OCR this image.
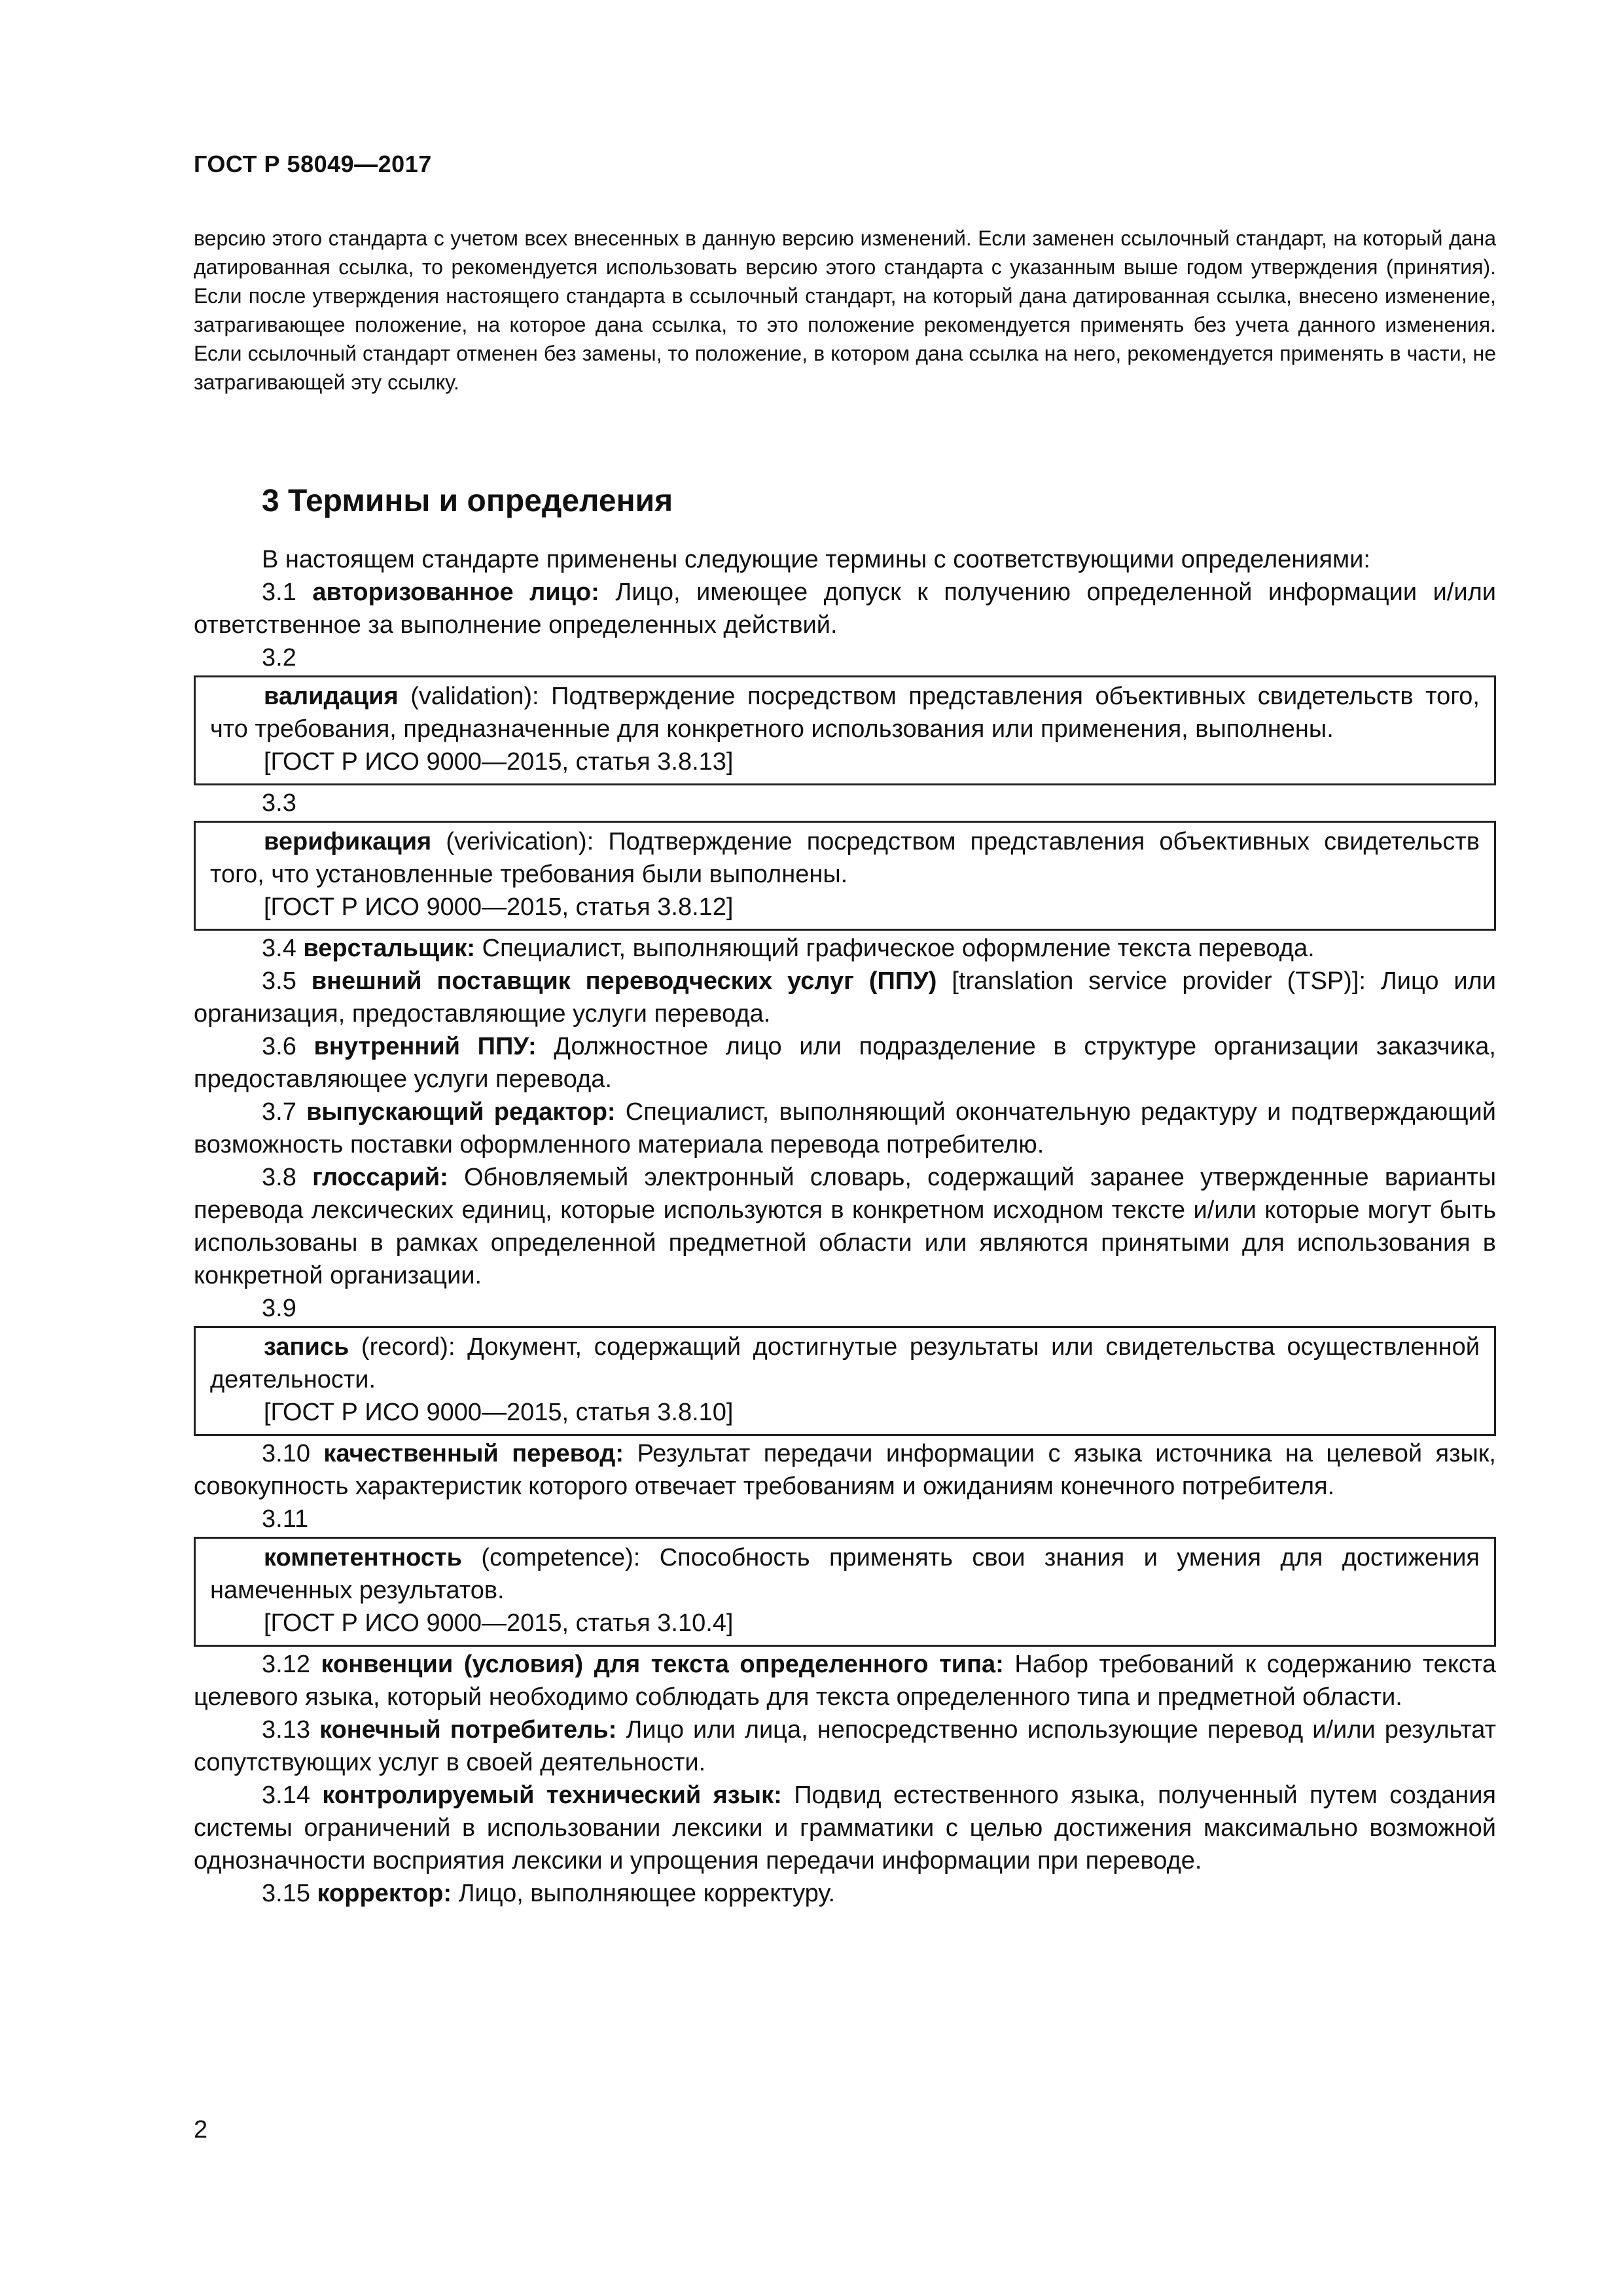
ГОСТ Р 58049—2017

версию этого стандарта с учетом всех внесенных в данную версию изменений. Если заменен ссылочный стандарт, на который дана датированная ссылка, то рекомендуется использовать версию этого стандарта с указанным выше годом утверждения (принятия). Если после утверждения настоящего стандарта в ссылочный стандарт, на который дана датированная ссылка, внесено изменение, затрагивающее положение, на которое дана ссылка, то это положение рекомендуется применять без учета данного изменения. Если ссылочный стандарт отменен без замены, то положение, в котором дана ссылка на него, рекомендуется применять в части, не затрагивающей эту ссылку.

3 Термины и определения

В настоящем стандарте применены следующие термины с соответствующими определениями:

3.1 авторизованное лицо: Лицо, имеющее допуск к получению определенной информации и/или ответственное за выполнение определенных действий.

3.2

валидация (validation): Подтверждение посредством представления объективных свидетельств того, что требования, предназначенные для конкретного использования или применения, выполнены.

[ГОСТ Р ИСО 9000—2015, статья 3.8.13]

3.3

верификация (verivication): Подтверждение посредством представления объективных свидетельств того, что установленные требования были выполнены.

[ГОСТ Р ИСО 9000—2015, статья 3.8.12]

3.4 верстальщик: Специалист, выполняющий графическое оформление текста перевода.

3.5 внешний поставщик переводческих услуг (ППУ) [translation service provider (TSP)]: Лицо или организация, предоставляющие услуги перевода.

3.6 внутренний ППУ: Должностное лицо или подразделение в структуре организации заказчика, предоставляющее услуги перевода.

3.7 выпускающий редактор: Специалист, выполняющий окончательную редактуру и подтверждающий возможность поставки оформленного материала перевода потребителю.

3.8 глоссарий: Обновляемый электронный словарь, содержащий заранее утвержденные варианты перевода лексических единиц, которые используются в конкретном исходном тексте и/или которые могут быть использованы в рамках определенной предметной области или являются принятыми для использования в конкретной организации.

3.9

запись (record): Документ, содержащий достигнутые результаты или свидетельства осуществленной деятельности.

[ГОСТ Р ИСО 9000—2015, статья 3.8.10]

3.10 качественный перевод: Результат передачи информации с языка источника на целевой язык, совокупность характеристик которого отвечает требованиям и ожиданиям конечного потребителя.

3.11

компетентность (competence): Способность применять свои знания и умения для достижения намеченных результатов.

[ГОСТ Р ИСО 9000—2015, статья 3.10.4]

3.12 конвенции (условия) для текста определенного типа: Набор требований к содержанию текста целевого языка, который необходимо соблюдать для текста определенного типа и предметной области.

3.13 конечный потребитель: Лицо или лица, непосредственно использующие перевод и/или результат сопутствующих услуг в своей деятельности.

3.14 контролируемый технический язык: Подвид естественного языка, полученный путем создания системы ограничений в использовании лексики и грамматики с целью достижения максимально возможной однозначности восприятия лексики и упрощения передачи информации при переводе.

3.15 корректор: Лицо, выполняющее корректуру.

2
